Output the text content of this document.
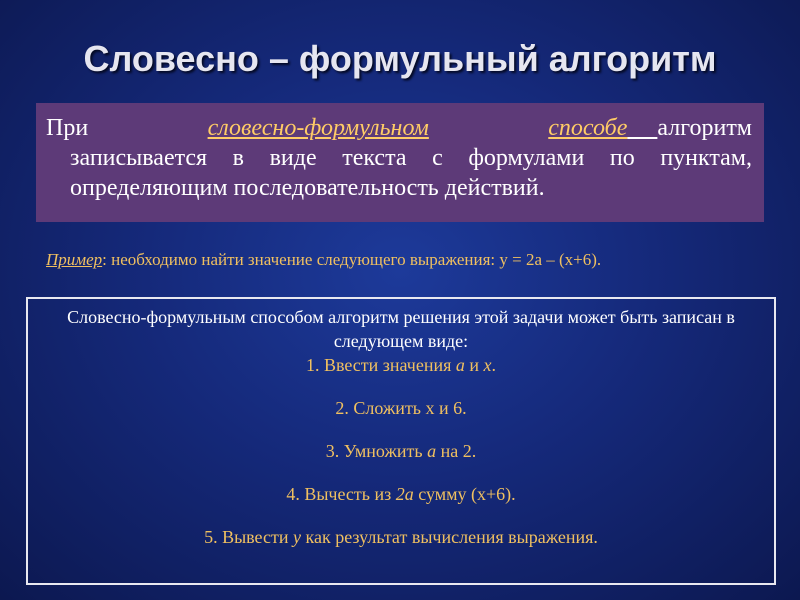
Словесно – формульный алгоритм
При	словесно-формульном	способе алгоритм
записывается в виде текста с формулами по пунктам, определяющим последовательность действий.
Пример: необходимо найти значение следующего выражения: y = 2a – (x+6).
Словесно-формульным способом алгоритм решения этой задачи может быть записан в следующем виде:
1. Ввести значения а и х.
2. Сложить х и 6.
3. Умножить a на 2.
4. Вычесть из 2a сумму (х+6).
5. Вывести y как результат вычисления выражения.
